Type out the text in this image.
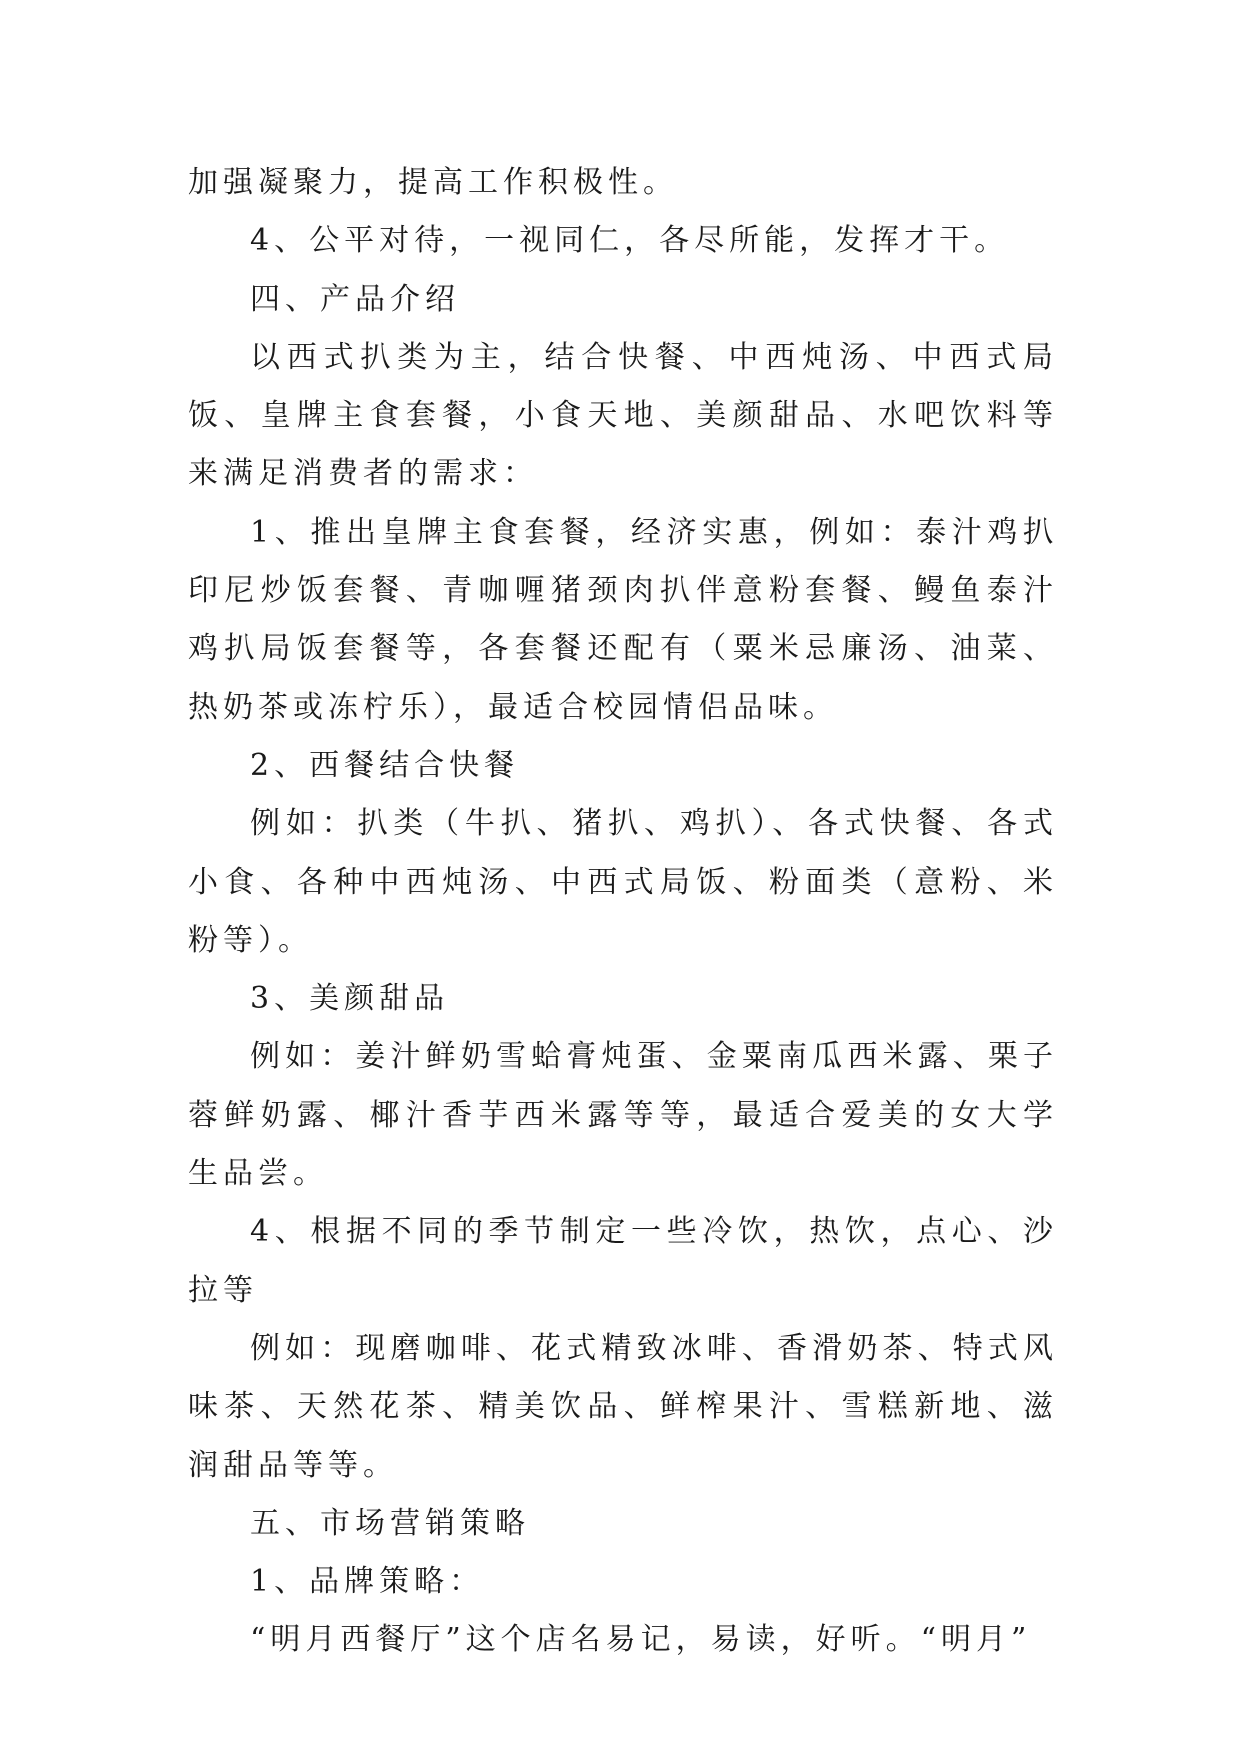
加强凝聚力，提高工作积极性。

4、公平对待，一视同仁，各尽所能，发挥才干。

四、产品介绍

以西式扒类为主，结合快餐、中西炖汤、中西式局饭、皇牌主食套餐，小食天地、美颜甜品、水吧饮料等来满足消费者的需求：

1、推出皇牌主食套餐，经济实惠，例如：泰汁鸡扒印尼炒饭套餐、青咖喱猪颈肉扒伴意粉套餐、鳗鱼泰汁鸡扒局饭套餐等，各套餐还配有（粟米忌廉汤、油菜、热奶茶或冻柠乐），最适合校园情侣品味。

2、西餐结合快餐

例如：扒类（牛扒、猪扒、鸡扒）、各式快餐、各式小食、各种中西炖汤、中西式局饭、粉面类（意粉、米粉等）。

3、美颜甜品

例如：姜汁鲜奶雪蛤膏炖蛋、金粟南瓜西米露、栗子蓉鲜奶露、椰汁香芋西米露等等，最适合爱美的女大学生品尝。

4、根据不同的季节制定一些冷饮，热饮，点心、沙拉等

例如：现磨咖啡、花式精致冰啡、香滑奶茶、特式风味茶、天然花茶、精美饮品、鲜榨果汁、雪糕新地、滋润甜品等等。

五、市场营销策略

1、品牌策略：

“明月西餐厅”这个店名易记，易读，好听。“明月”
